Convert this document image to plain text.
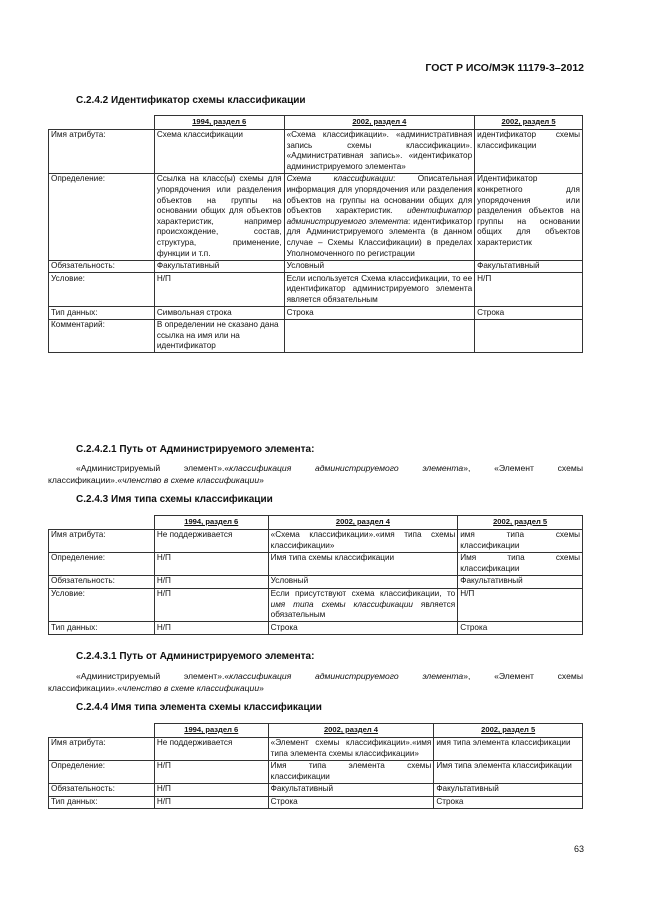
ГОСТ Р ИСО/МЭК 11179-3–2012
С.2.4.2 Идентификатор схемы классификации
	1994, раздел 6	2002, раздел 4	2002, раздел 5
Имя атрибута:	Схема классификации	«Схема классификации». «административная запись схемы классификации». «Административная запись». «идентификатор администрируемого элемента»	идентификатор схемы классификации
Определение:	Ссылка на класс(ы) схемы для упорядочения или разделения объектов на группы на основании общих для объектов характеристик, например происхождение, состав, структура, применение, функции и т.п.	Схема классификации: Описательная информация для упорядочения или разделения объектов на группы на основании общих для объектов характеристик. идентификатор администрируемого элемента: идентификатор для Администрируемого элемента (в данном случае – Схемы Классификации) в пределах Уполномоченного по регистрации	Идентификатор конкретного для упорядочения или разделения объектов на группы на основании общих для объектов характеристик
Обязательность:	Факультативный	Условный	Факультативный
Условие:	Н/П	Если используется Схема классификации, то ее идентификатор администрируемого элемента является обязательным	Н/П
Тип данных:	Символьная строка	Строка	Строка
Комментарий:	В определении не сказано дана ссылка на имя или на идентификатор		
С.2.4.2.1 Путь от Администрируемого элемента:

«Администрируемый элемент».«классификация администрируемого элемента», «Элемент схемы классификации».«членство в схеме классификации»

С.2.4.3 Имя типа схемы классификации
	1994, раздел 6	2002, раздел 4	2002, раздел 5
Имя атрибута:	Не поддерживается	«Схема классификации».«имя типа схемы классификации»	имя типа схемы классификации
Определение:	Н/П	Имя типа схемы классификации	Имя типа схемы классификации
Обязательность:	Н/П	Условный	Факультативный
Условие:	Н/П	Если присутствуют схема классификации, то имя типа схемы классификации является обязательным	Н/П
Тип данных:	Н/П	Строка	Строка
С.2.4.3.1 Путь от Администрируемого элемента:

«Администрируемый элемент».«классификация администрируемого элемента», «Элемент схемы классификации».«членство в схеме классификации»

С.2.4.4 Имя типа элемента схемы классификации
	1994, раздел 6	2002, раздел 4	2002, раздел 5
Имя атрибута:	Не поддерживается	«Элемент схемы классификации».«имя типа элемента схемы классификации»	имя типа элемента классификации
Определение:	Н/П	Имя типа элемента схемы классификации	Имя типа элемента классификации
Обязательность:	Н/П	Факультативный	Факультативный
Тип данных:	Н/П	Строка	Строка
63
